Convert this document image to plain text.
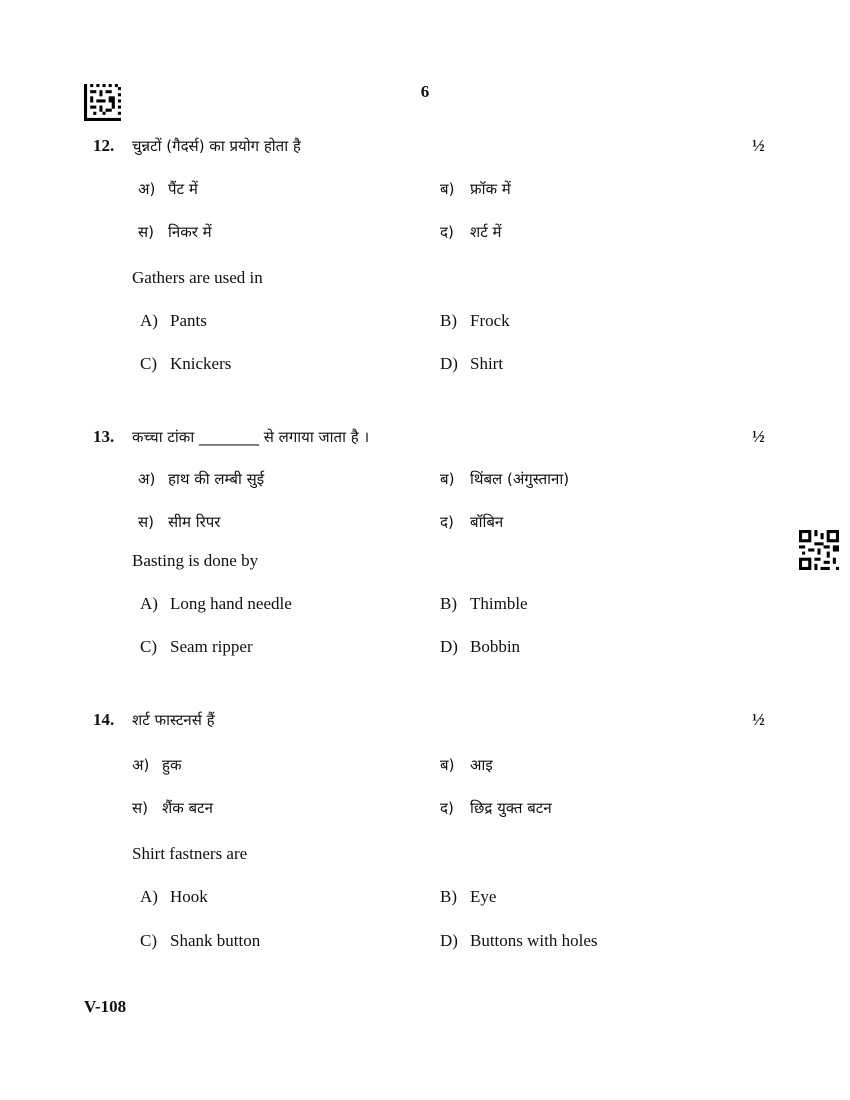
6
12. चुन्नटों (गैदर्स) का प्रयोग होता है	½
अ) पैंट में	ब) फ्रॉक में
स) निकर में	द) शर्ट में
Gathers are used in
A) Pants	B) Frock
C) Knickers	D) Shirt
13. कच्चा टांका ________ से लगाया जाता है ।	½
अ) हाथ की लम्बी सुई	ब) थिंबल (अंगुस्ताना)
स) सीम रिपर	द) बॉबिन
Basting is done by
A) Long hand needle	B) Thimble
C) Seam ripper	D) Bobbin
14. शर्ट फास्टनर्स हैं	½
अ) हुक	ब) आइ
स) शैंक बटन	द) छिद्र युक्त बटन
Shirt fastners are
A) Hook	B) Eye
C) Shank button	D) Buttons with holes
V-108
